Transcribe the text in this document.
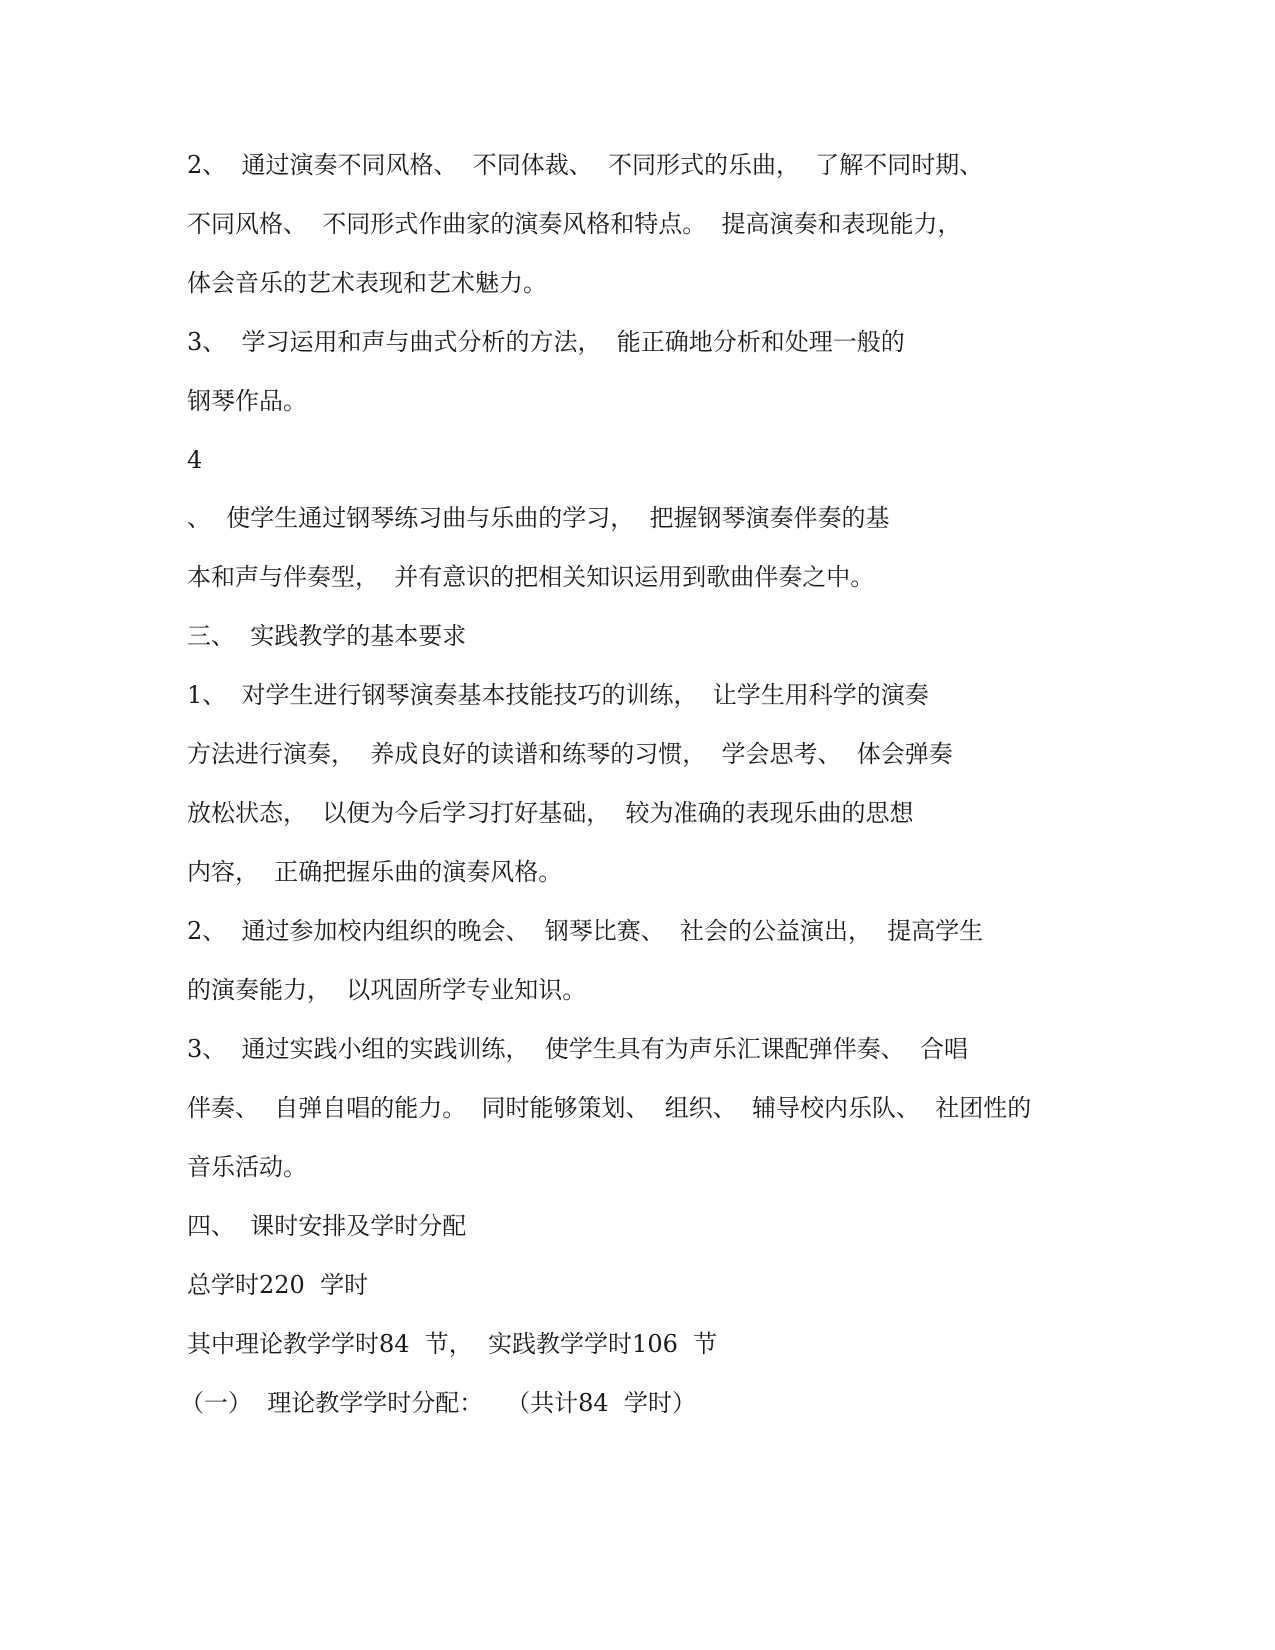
2、  通过演奏不同风格、  不同体裁、  不同形式的乐曲，  了解不同时期、
不同风格、  不同形式作曲家的演奏风格和特点。  提高演奏和表现能力，
体会音乐的艺术表现和艺术魅力。
3、  学习运用和声与曲式分析的方法，  能正确地分析和处理一般的
钢琴作品。
4
、  使学生通过钢琴练习曲与乐曲的学习，  把握钢琴演奏伴奏的基
本和声与伴奏型，  并有意识的把相关知识运用到歌曲伴奏之中。
三、  实践教学的基本要求
1、  对学生进行钢琴演奏基本技能技巧的训练，  让学生用科学的演奏
方法进行演奏，  养成良好的读谱和练琴的习惯，  学会思考、  体会弹奏
放松状态，  以便为今后学习打好基础，  较为准确的表现乐曲的思想
内容，  正确把握乐曲的演奏风格。
2、  通过参加校内组织的晚会、  钢琴比赛、  社会的公益演出，  提高学生
的演奏能力，  以巩固所学专业知识。
3、  通过实践小组的实践训练，  使学生具有为声乐汇课配弹伴奏、  合唱
伴奏、  自弹自唱的能力。  同时能够策划、  组织、  辅导校内乐队、  社团性的
音乐活动。
四、  课时安排及学时分配
总学时220  学时
其中理论教学学时84  节，  实践教学学时106  节
（一）  理论教学学时分配：   （共计84  学时）
